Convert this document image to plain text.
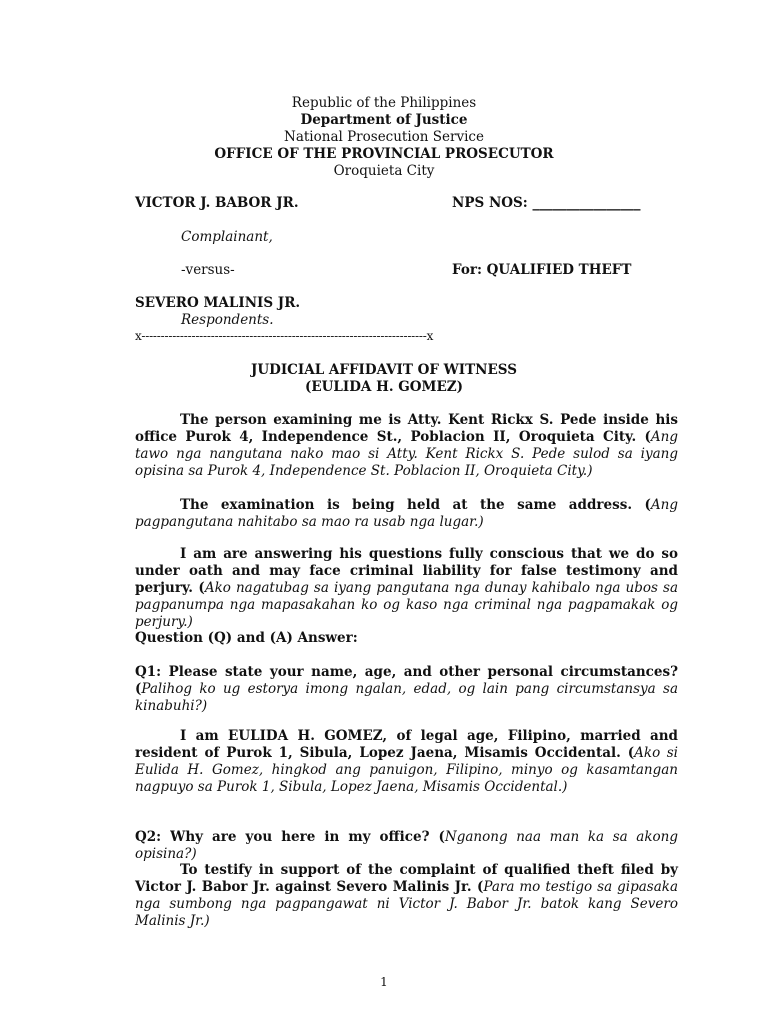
Republic of the Philippines
Department of Justice
National Prosecution Service
OFFICE OF THE PROVINCIAL PROSECUTOR
Oroquieta City
VICTOR J. BABOR JR.	NPS NOS: ________________
Complainant,
-versus-	For: QUALIFIED THEFT
SEVERO MALINIS JR.
Respondents.
x--------------------------------------------------------------------------x
JUDICIAL AFFIDAVIT OF WITNESS
(EULIDA H. GOMEZ)
The person examining me is Atty. Kent Rickx S. Pede inside his office Purok 4, Independence St., Poblacion II, Oroquieta City. (Ang tawo nga nangutana nako mao si Atty. Kent Rickx S. Pede sulod sa iyang opisina sa Purok 4, Independence St. Poblacion II, Oroquieta City.)
The examination is being held at the same address. (Ang pagpangutana nahitabo sa mao ra usab nga lugar.)
I am are answering his questions fully conscious that we do so under oath and may face criminal liability for false testimony and perjury. (Ako nagatubag sa iyang pangutana nga dunay kahibalo nga ubos sa pagpanumpa nga mapasakahan ko og kaso nga criminal nga pagpamakak og perjury.)
Question (Q) and (A) Answer:
Q1: Please state your name, age, and other personal circumstances?(Palihog ko ug estorya imong ngalan, edad, og lain pang circumstansya sa kinabuhi?)
I am EULIDA H. GOMEZ, of legal age, Filipino, married and resident of Purok 1, Sibula, Lopez Jaena, Misamis Occidental. (Ako si Eulida H. Gomez, hingkod ang panuigon, Filipino, minyo og kasamtangan nagpuyo sa Purok 1, Sibula, Lopez Jaena, Misamis Occidental.)
Q2: Why are you here in my office? (Nganong naa man ka sa akong opisina?)
To testify in support of the complaint of qualified theft filed by Victor J. Babor Jr. against Severo Malinis Jr. (Para mo testigo sa gipasaka nga sumbong nga pagpangawat ni Victor J. Babor Jr. batok kang Severo Malinis Jr.)
1
